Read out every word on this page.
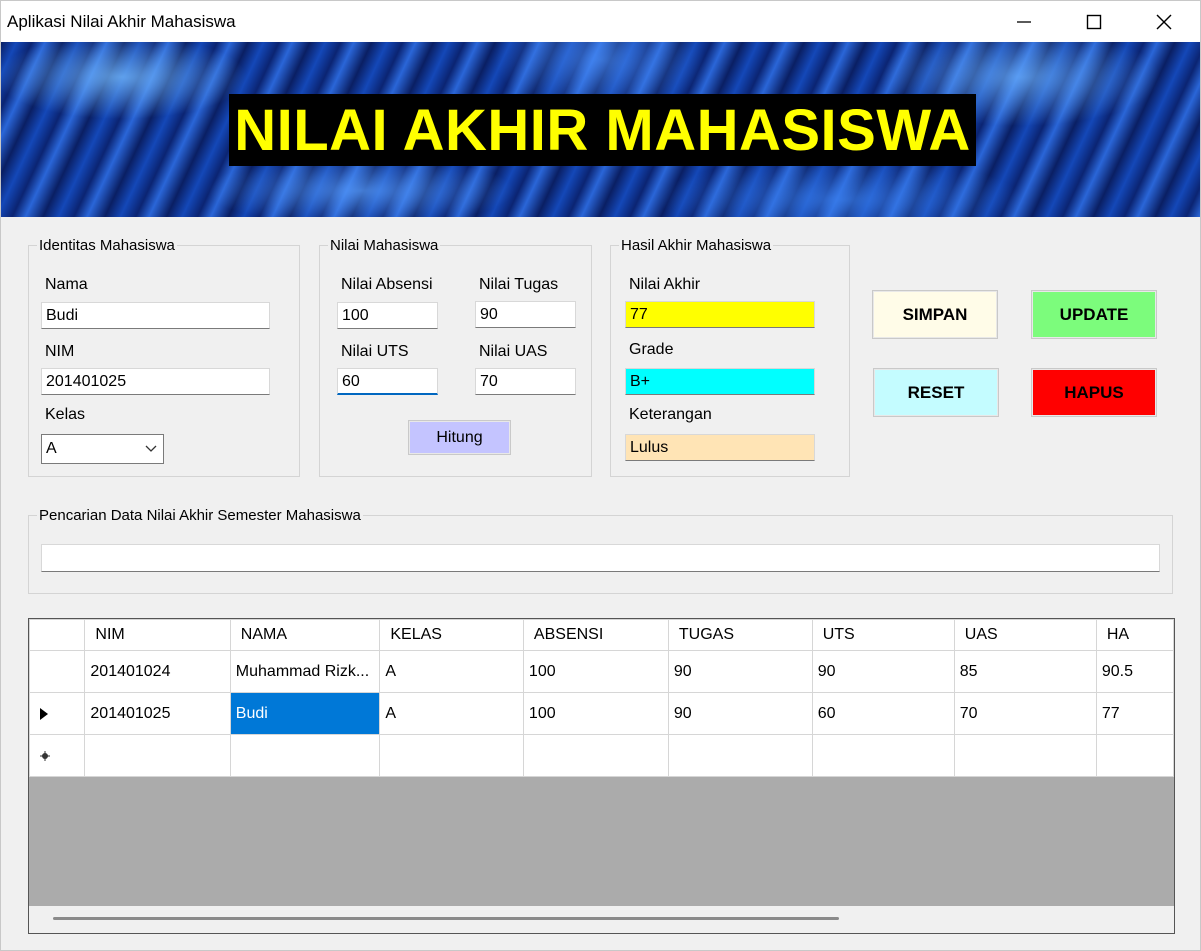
Aplikasi Nilai Akhir Mahasiswa
NILAI AKHIR MAHASISWA
Identitas Mahasiswa
Nama
Budi
NIM
201401025
Kelas
A
Nilai Mahasiswa
Nilai Absensi
100
Nilai Tugas
90
Nilai UTS
60
Nilai UAS
70
Hitung
Hasil Akhir Mahasiswa
Nilai Akhir
77
Grade
B+
Keterangan
Lulus
SIMPAN	UPDATE
RESET	HAPUS
Pencarian Data Nilai Akhir Semester Mahasiswa
	NIM	NAMA	KELAS	ABSENSI	TUGAS	UTS	UAS	HA
	201401024	Muhammad Rizk...	A	100	90	90	85	90.5

	201401025	Budi	A	100	90	60	70	77
